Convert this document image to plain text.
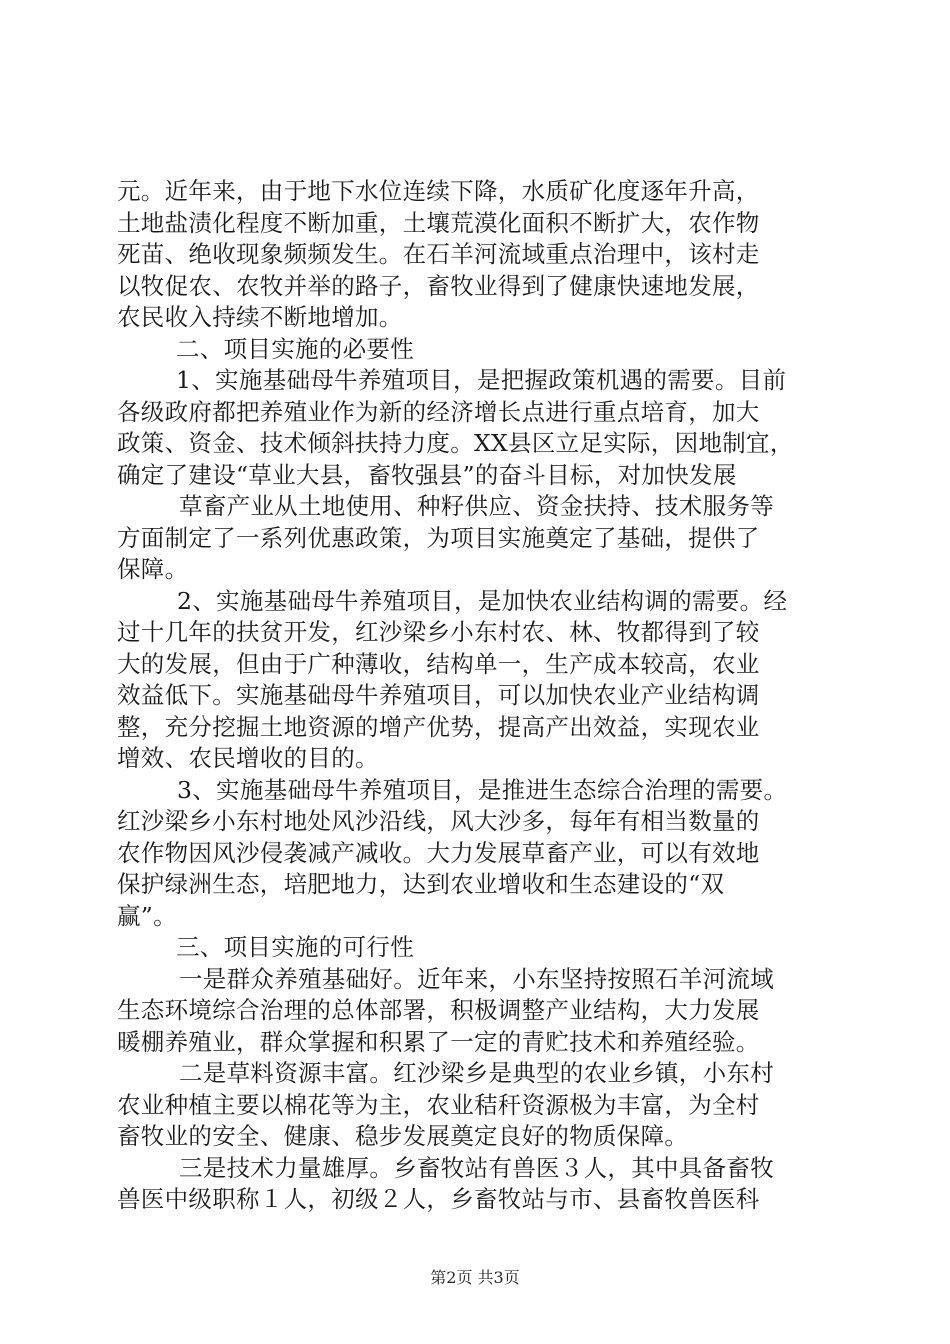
元。近年来，由于地下水位连续下降，水质矿化度逐年升高，
土地盐渍化程度不断加重，土壤荒漠化面积不断扩大，农作物
死苗、绝收现象频频发生。在石羊河流域重点治理中，该村走
以牧促农、农牧并举的路子，畜牧业得到了健康快速地发展，
农民收入持续不断地增加。
二、项目实施的必要性
1、实施基础母牛养殖项目，是把握政策机遇的需要。目前
各级政府都把养殖业作为新的经济增长点进行重点培育，加大
政策、资金、技术倾斜扶持力度。XX县区立足实际，因地制宜，
确定了建设“草业大县，畜牧强县”的奋斗目标，对加快发展
草畜产业从土地使用、种籽供应、资金扶持、技术服务等
方面制定了一系列优惠政策，为项目实施奠定了基础，提供了
保障。
2、实施基础母牛养殖项目，是加快农业结构调的需要。经
过十几年的扶贫开发，红沙梁乡小东村农、林、牧都得到了较
大的发展，但由于广种薄收，结构单一，生产成本较高，农业
效益低下。实施基础母牛养殖项目，可以加快农业产业结构调
整，充分挖掘土地资源的增产优势，提高产出效益，实现农业
增效、农民增收的目的。
3、实施基础母牛养殖项目，是推进生态综合治理的需要。
红沙梁乡小东村地处风沙沿线，风大沙多，每年有相当数量的
农作物因风沙侵袭减产减收。大力发展草畜产业，可以有效地
保护绿洲生态，培肥地力，达到农业增收和生态建设的“双
赢”。
三、项目实施的可行性
一是群众养殖基础好。近年来，小东坚持按照石羊河流域
生态环境综合治理的总体部署，积极调整产业结构，大力发展
暖棚养殖业，群众掌握和积累了一定的青贮技术和养殖经验。
二是草料资源丰富。红沙梁乡是典型的农业乡镇，小东村
农业种植主要以棉花等为主，农业秸秆资源极为丰富，为全村
畜牧业的安全、健康、稳步发展奠定良好的物质保障。
三是技术力量雄厚。乡畜牧站有兽医３人，其中具备畜牧
兽医中级职称１人，初级２人，乡畜牧站与市、县畜牧兽医科
第2页 共3页
